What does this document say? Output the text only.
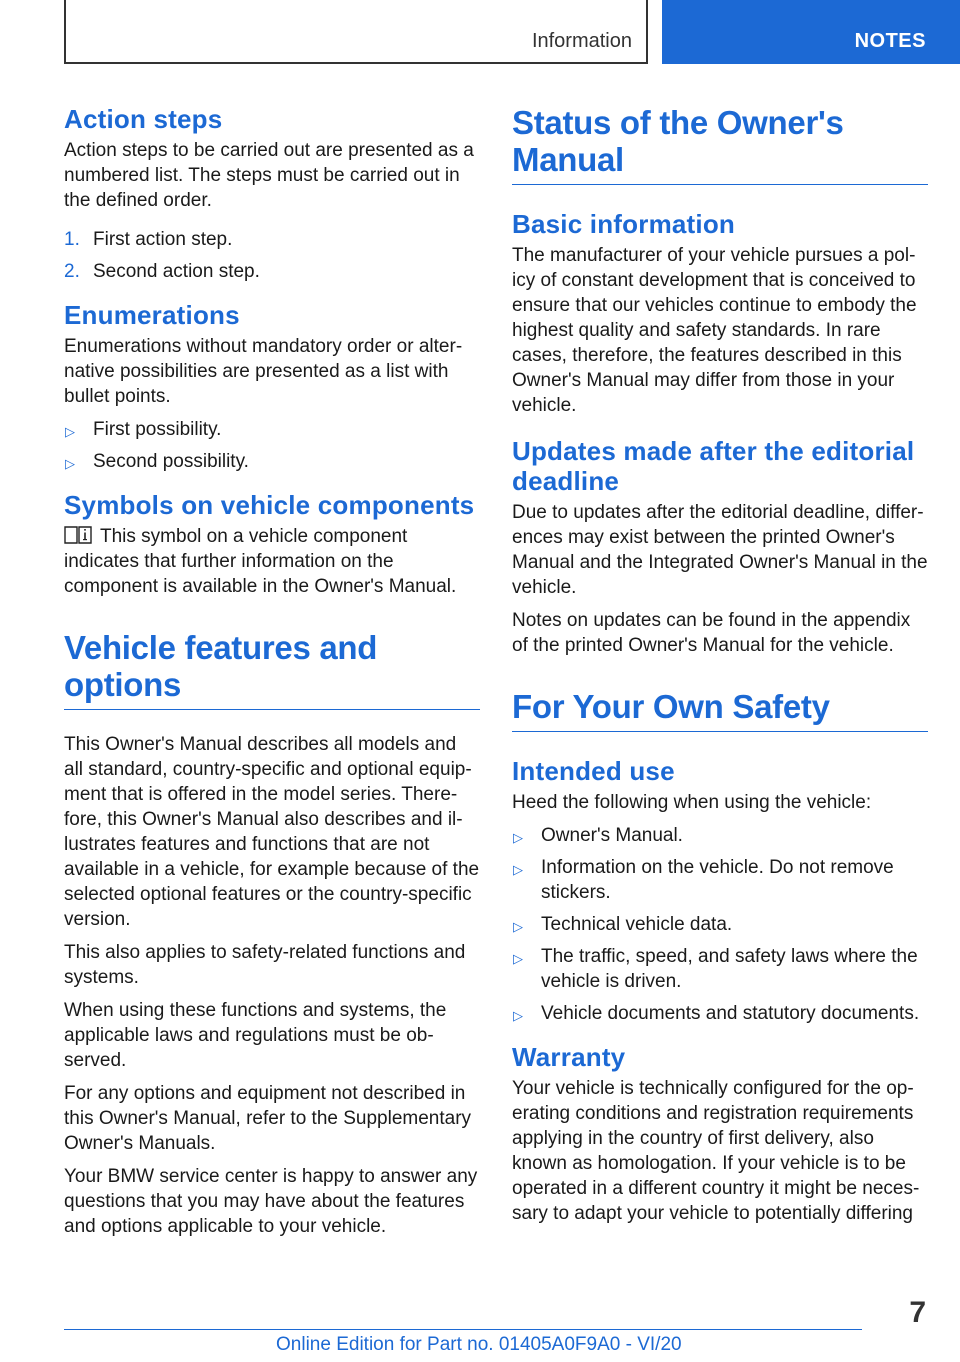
Information	NOTES
Action steps

Action steps to be carried out are presented as a numbered list. The steps must be carried out in the defined order.

1. First action step.
2. Second action step.
Enumerations

Enumerations without mandatory order or alternative possibilities are presented as a list with bullet points.

▷ First possibility.
▷ Second possibility.
Symbols on vehicle components

This symbol on a vehicle component indicates that further information on the component is available in the Owner's Manual.

Vehicle features and options

This Owner's Manual describes all models and all standard, country-specific and optional equipment that is offered in the model series. Therefore, this Owner's Manual also describes and illustrates features and functions that are not available in a vehicle, for example because of the selected optional features or the country-specific version.

This also applies to safety-related functions and systems.

When using these functions and systems, the applicable laws and regulations must be observed.

For any options and equipment not described in this Owner's Manual, refer to the Supplementary Owner's Manuals.

Your BMW service center is happy to answer any questions that you may have about the features and options applicable to your vehicle.

Status of the Owner's Manual
Basic information

The manufacturer of your vehicle pursues a policy of constant development that is conceived to ensure that our vehicles continue to embody the highest quality and safety standards. In rare cases, therefore, the features described in this Owner's Manual may differ from those in your vehicle.

Updates made after the editorial deadline

Due to updates after the editorial deadline, differences may exist between the printed Owner's Manual and the Integrated Owner's Manual in the vehicle.

Notes on updates can be found in the appendix of the printed Owner's Manual for the vehicle.

For Your Own Safety
Intended use

Heed the following when using the vehicle:

▷ Owner's Manual.
▷ Information on the vehicle. Do not remove stickers.
▷ Technical vehicle data.
▷ The traffic, speed, and safety laws where the vehicle is driven.
▷ Vehicle documents and statutory documents.
Warranty

Your vehicle is technically configured for the operating conditions and registration requirements applying in the country of first delivery, also known as homologation. If your vehicle is to be operated in a different country it might be necessary to adapt your vehicle to potentially differing

7
Online Edition for Part no. 01405A0F9A0 - VI/20
